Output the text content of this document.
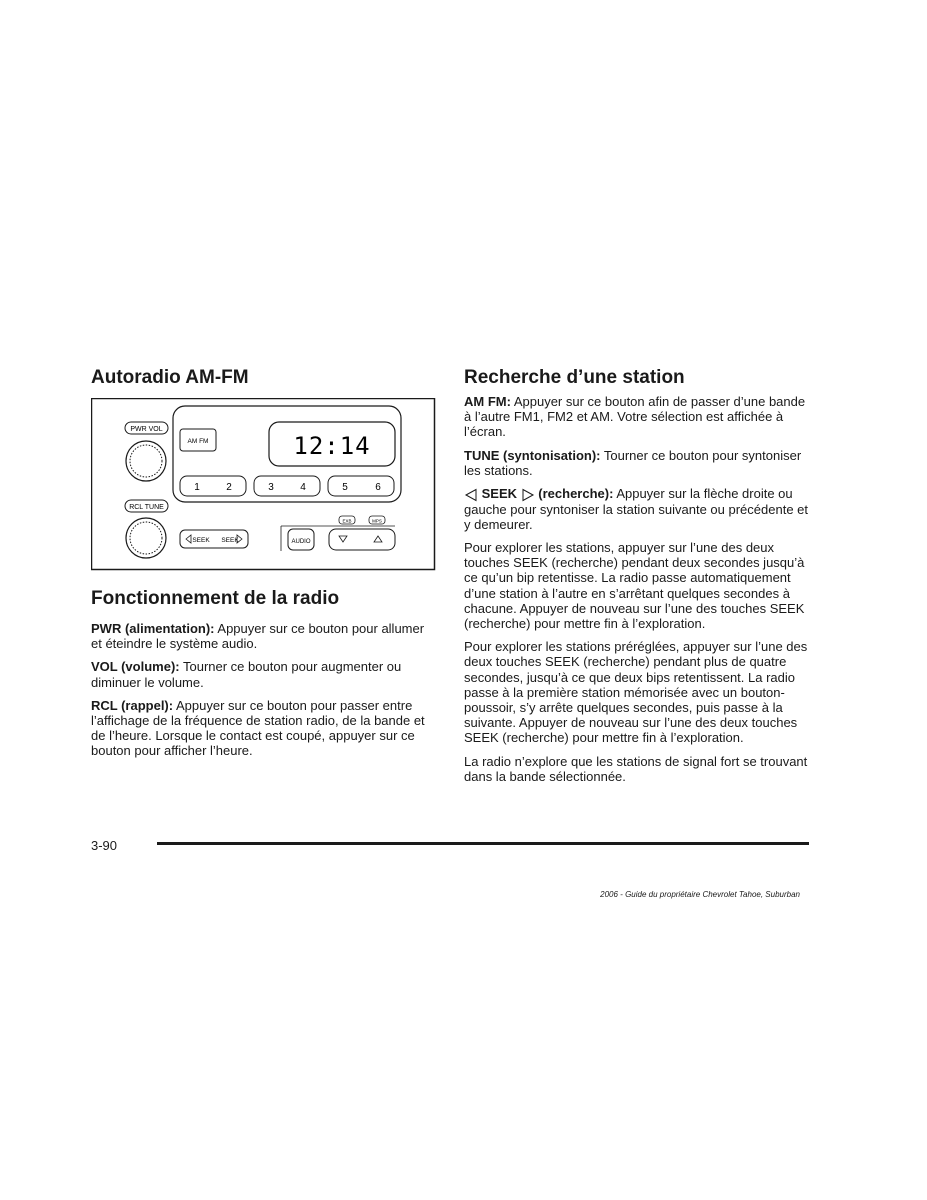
Autoradio AM-FM
PWR VOL
RCL TUNE
AM FM	12:14
1	2	3	4	5	6
SEEK SEEK	AUDIO
EXB	MPS
Fonctionnement de la radio

PWR (alimentation): Appuyer sur ce bouton pour allumer et éteindre le système audio.

VOL (volume): Tourner ce bouton pour augmenter ou diminuer le volume.

RCL (rappel): Appuyer sur ce bouton pour passer entre l’affichage de la fréquence de station radio, de la bande et de l’heure. Lorsque le contact est coupé, appuyer sur ce bouton pour afficher l’heure.

Recherche d’une station

AM FM: Appuyer sur ce bouton afin de passer d’une bande à l’autre FM1, FM2 et AM. Votre sélection est affichée à l’écran.

TUNE (syntonisation): Tourner ce bouton pour syntoniser les stations.

SEEK (recherche): Appuyer sur la flèche droite ou gauche pour syntoniser la station suivante ou précédente et y demeurer.

Pour explorer les stations, appuyer sur l’une des deux touches SEEK (recherche) pendant deux secondes jusqu’à ce qu’un bip retentisse. La radio passe automatiquement d’une station à l’autre en s’arrêtant quelques secondes à chacune. Appuyer de nouveau sur l’une des touches SEEK (recherche) pour mettre fin à l’exploration.

Pour explorer les stations préréglées, appuyer sur l’une des deux touches SEEK (recherche) pendant plus de quatre secondes, jusqu’à ce que deux bips retentissent. La radio passe à la première station mémorisée avec un bouton-poussoir, s’y arrête quelques secondes, puis passe à la suivante. Appuyer de nouveau sur l’une des deux touches SEEK (recherche) pour mettre fin à l’exploration.

La radio n’explore que les stations de signal fort se trouvant dans la bande sélectionnée.

3-90
2006 - Guide du propriétaire Chevrolet Tahoe, Suburban
